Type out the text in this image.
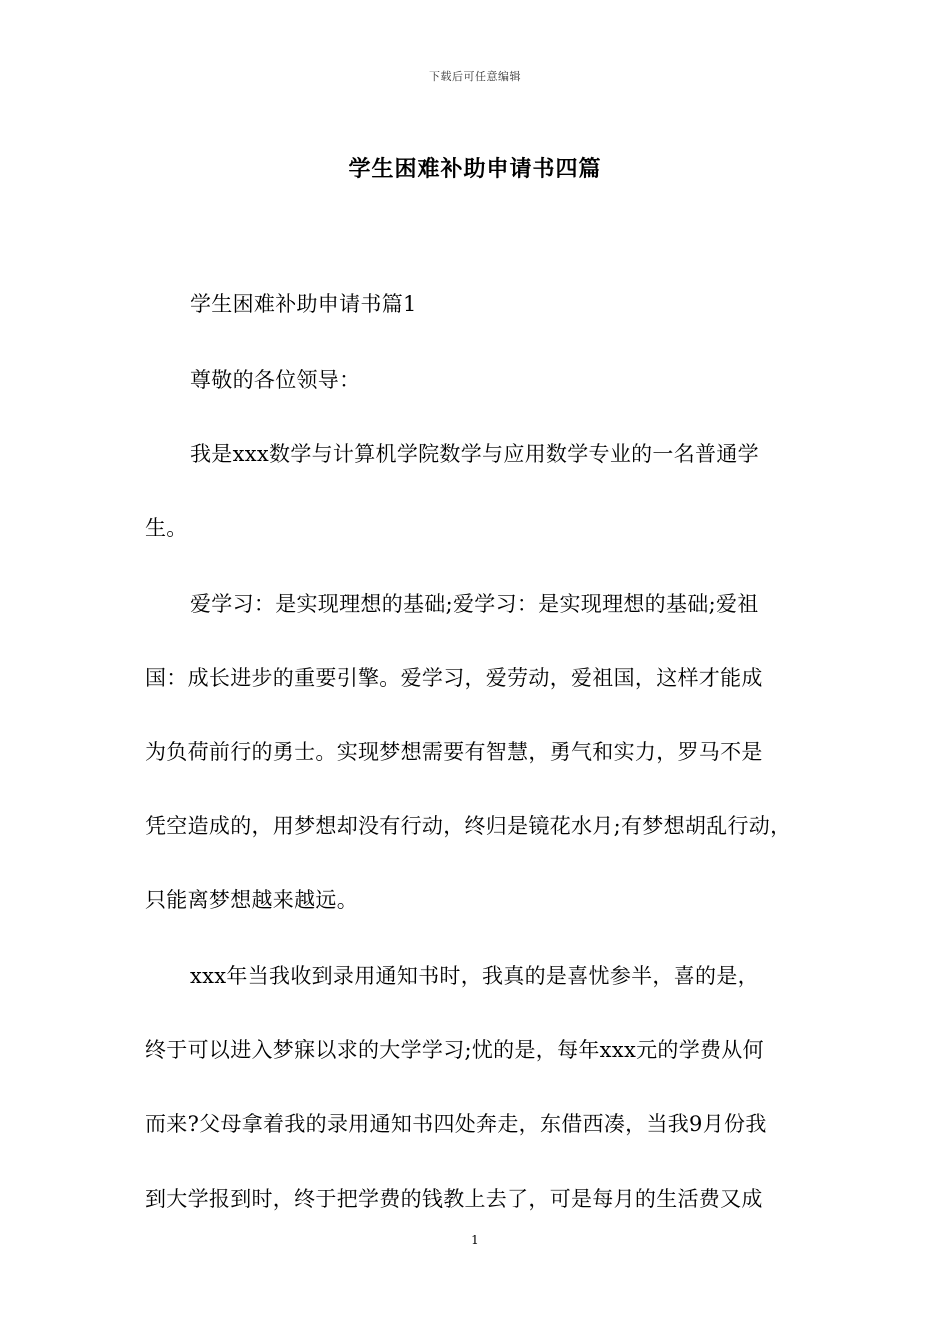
下载后可任意编辑
学生困难补助申请书四篇
学生困难补助申请书篇1
尊敬的各位领导：
我是xxx数学与计算机学院数学与应用数学专业的一名普通学
生。
爱学习：是实现理想的基础;爱学习：是实现理想的基础;爱祖
国：成长进步的重要引擎。爱学习，爱劳动，爱祖国，这样才能成
为负荷前行的勇士。实现梦想需要有智慧，勇气和实力，罗马不是
凭空造成的，用梦想却没有行动，终归是镜花水月;有梦想胡乱行动，
只能离梦想越来越远。
xxx年当我收到录用通知书时，我真的是喜忧参半，喜的是，
终于可以进入梦寐以求的大学学习;忧的是，每年xxx元的学费从何
而来?父母拿着我的录用通知书四处奔走，东借西凑，当我9月份我
到大学报到时，终于把学费的钱教上去了，可是每月的生活费又成
1
